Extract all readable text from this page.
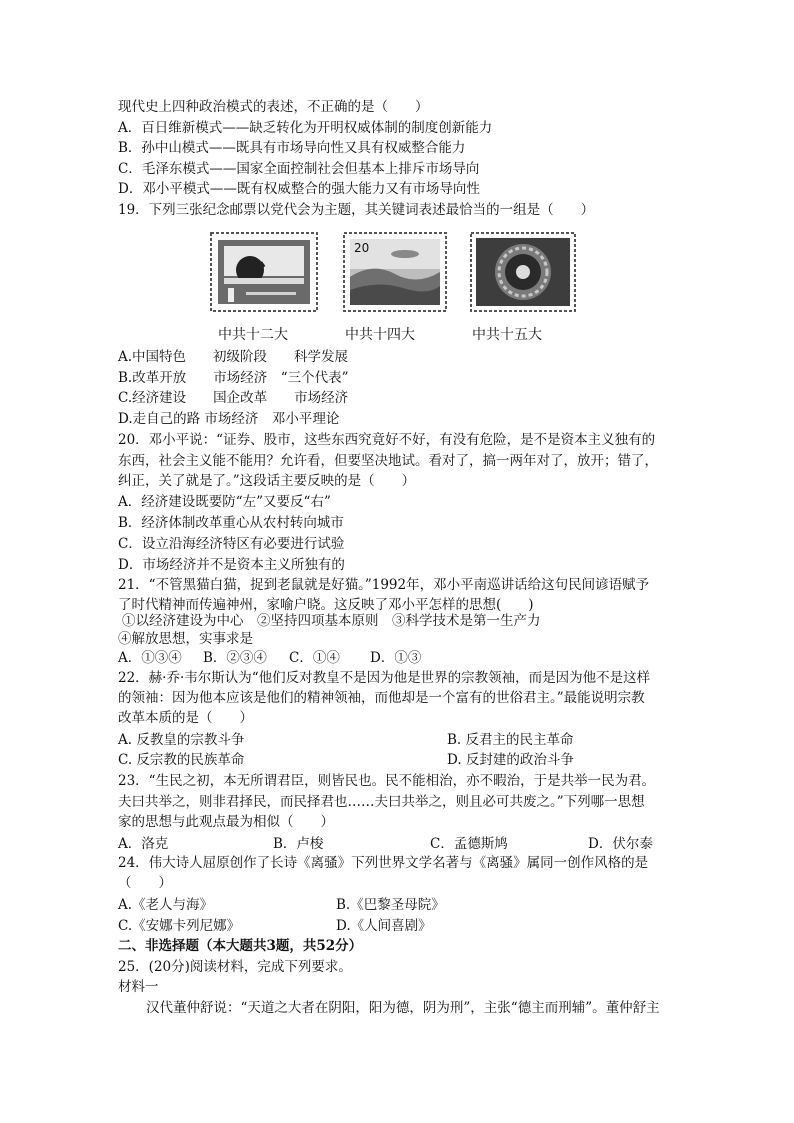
现代史上四种政治模式的表述，不正确的是（　　）
A．百日维新模式——缺乏转化为开明权威体制的制度创新能力
B．孙中山模式——既具有市场导向性又具有权威整合能力
C．毛泽东模式——国家全面控制社会但基本上排斥市场导向
D．邓小平模式——既有权威整合的强大能力又有市场导向性
19．下列三张纪念邮票以党代会为主题，其关键词表述最恰当的一组是（　　）
20
中共十二大	中共十四大	中共十五大
A.中国特色　　初级阶段　　科学发展
B.改革开放　　市场经济　“三个代表”
C.经济建设　　国企改革　　市场经济
D.走自己的路 市场经济　邓小平理论
20．邓小平说：“证券、股市，这些东西究竟好不好，有没有危险，是不是资本主义独有的
东西，社会主义能不能用？允许看，但要坚决地试。看对了，搞一两年对了，放开；错了，
纠正，关了就是了。”这段话主要反映的是（　　）
A．经济建设既要防“左”又要反“右”
B．经济体制改革重心从农村转向城市
C．设立沿海经济特区有必要进行试验
D．市场经济并不是资本主义所独有的
21．“不管黑猫白猫，捉到老鼠就是好猫。”1992年，邓小平南巡讲话给这句民间谚语赋予
了时代精神而传遍神州，家喻户晓。这反映了邓小平怎样的思想(　　)
①以经济建设为中心　②坚持四项基本原则　③科学技术是第一生产力
④解放思想，实事求是
A．①③④ B．②③④ C．①④ D．①③
22．赫·乔·韦尔斯认为“他们反对教皇不是因为他是世界的宗教领袖，而是因为他不是这样
的领袖：因为他本应该是他们的精神领袖，而他却是一个富有的世俗君主。”最能说明宗教
改革本质的是（　　）
A. 反教皇的宗教斗争	B. 反君主的民主革命
C. 反宗教的民族革命	D. 反封建的政治斗争
23．“生民之初，本无所谓君臣，则皆民也。民不能相治，亦不暇治，于是共举一民为君。
夫曰共举之，则非君择民，而民择君也……夫曰共举之，则且必可共废之。”下列哪一思想
家的思想与此观点最为相似（　　）
A．洛克	B．卢梭	C．孟德斯鸠	D．伏尔泰
24．伟大诗人屈原创作了长诗《离骚》下列世界文学名著与《离骚》属同一创作风格的是
（　　）
A.《老人与海》	B.《巴黎圣母院》
C.《安娜卡列尼娜》	D.《人间喜剧》
二、非选择题（本大题共3题，共52分）
25．(20分)阅读材料，完成下列要求。
材料一
汉代董仲舒说：“天道之大者在阴阳，阳为德，阴为刑”，主张“德主而刑辅”。董仲舒主
